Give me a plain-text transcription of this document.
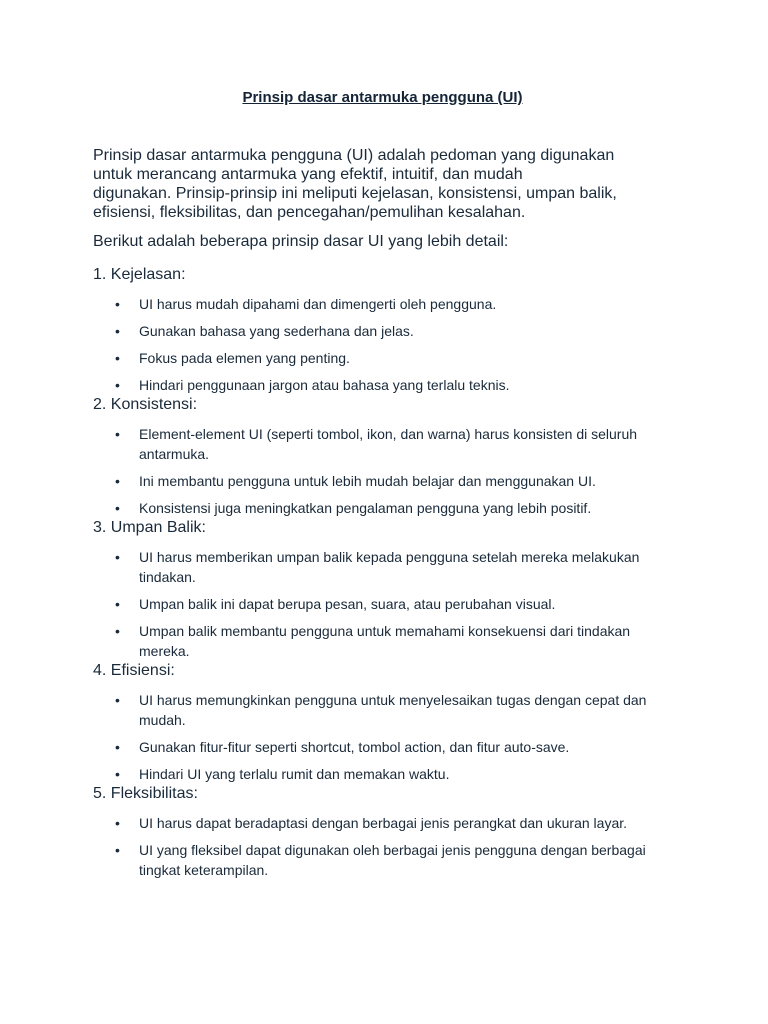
Prinsip dasar antarmuka pengguna (UI)

Prinsip dasar antarmuka pengguna (UI) adalah pedoman yang digunakan
untuk merancang antarmuka yang efektif, intuitif, dan mudah
digunakan. Prinsip-prinsip ini meliputi kejelasan, konsistensi, umpan balik,
efisiensi, fleksibilitas, dan pencegahan/pemulihan kesalahan.

Berikut adalah beberapa prinsip dasar UI yang lebih detail:

1. Kejelasan:
• UI harus mudah dipahami dan dimengerti oleh pengguna.
• Gunakan bahasa yang sederhana dan jelas.
• Fokus pada elemen yang penting.
• Hindari penggunaan jargon atau bahasa yang terlalu teknis.
2. Konsistensi:
• Element-element UI (seperti tombol, ikon, dan warna) harus konsisten di seluruh antarmuka.
• Ini membantu pengguna untuk lebih mudah belajar dan menggunakan UI.
• Konsistensi juga meningkatkan pengalaman pengguna yang lebih positif.
3. Umpan Balik:
• UI harus memberikan umpan balik kepada pengguna setelah mereka melakukan tindakan.
• Umpan balik ini dapat berupa pesan, suara, atau perubahan visual.
• Umpan balik membantu pengguna untuk memahami konsekuensi dari tindakan mereka.
4. Efisiensi:
• UI harus memungkinkan pengguna untuk menyelesaikan tugas dengan cepat dan mudah.
• Gunakan fitur-fitur seperti shortcut, tombol action, dan fitur auto-save.
• Hindari UI yang terlalu rumit dan memakan waktu.
5. Fleksibilitas:
• UI harus dapat beradaptasi dengan berbagai jenis perangkat dan ukuran layar.
• UI yang fleksibel dapat digunakan oleh berbagai jenis pengguna dengan berbagai tingkat keterampilan.
